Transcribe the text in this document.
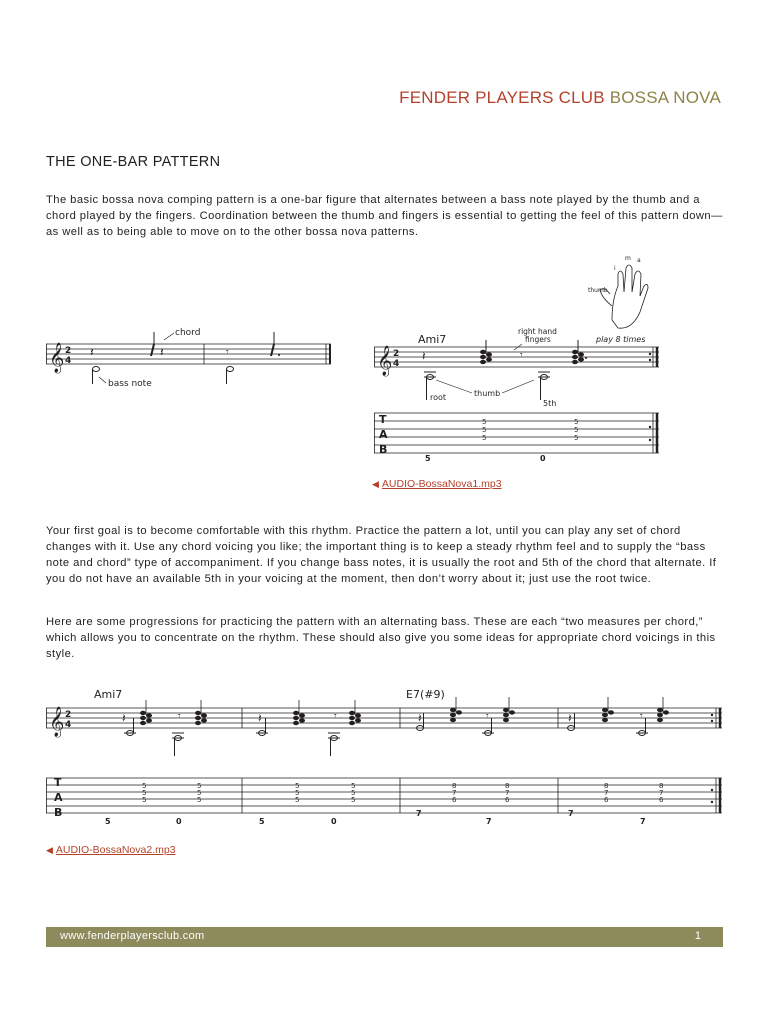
FENDER PLAYERS CLUB BOSSA NOVA
THE ONE-BAR PATTERN

The basic bossa nova comping pattern is a one-bar figure that alternates between a bass note played by the thumb and a chord played by the fingers. Coordination between the thumb and fingers is essential to getting the feel of this pattern down—as well as to being able to move on to the other bossa nova patterns.

𝄞 2
4
𝄽	𝄽	𝄾
chord
bass note
i
m a
thumb
play 8 times
Ami7
right hand
fingers
𝄞 2
4
𝄽	𝄾
root	thumb
5th
T
A
B
5
5
5
5	0
5
5
5
◀ AUDIO-BossaNova1.mp3

Your first goal is to become comfortable with this rhythm. Practice the pattern a lot, until you can play any set of chord changes with it. Use any chord voicing you like; the important thing is to keep a steady rhythm feel and to supply the “bass note and chord” type of accompaniment. If you change bass notes, it is usually the root and 5th of the chord that alternate. If you do not have an available 5th in your voicing at the moment, then don’t worry about it; just use the root twice.

Here are some progressions for practicing the pattern with an alternating bass. These are each “two measures per chord,” which allows you to concentrate on the rhythm. These should also give you some ideas for appropriate chord voicings in this style.

Ami7	E7(#9)
𝄞 2
4	𝄽	𝄾	𝄽	𝄾	𝄽	𝄾	𝄽	𝄾
T
A
B
5
5
5
5	0
5
5
5
5
5
5
5	0
5
5
5
8
7
6
7
7
8
7
6
8
7
6
7
7
8
7
6
◀ AUDIO-BossaNova2.mp3
www.fenderplayersclub.com	1
